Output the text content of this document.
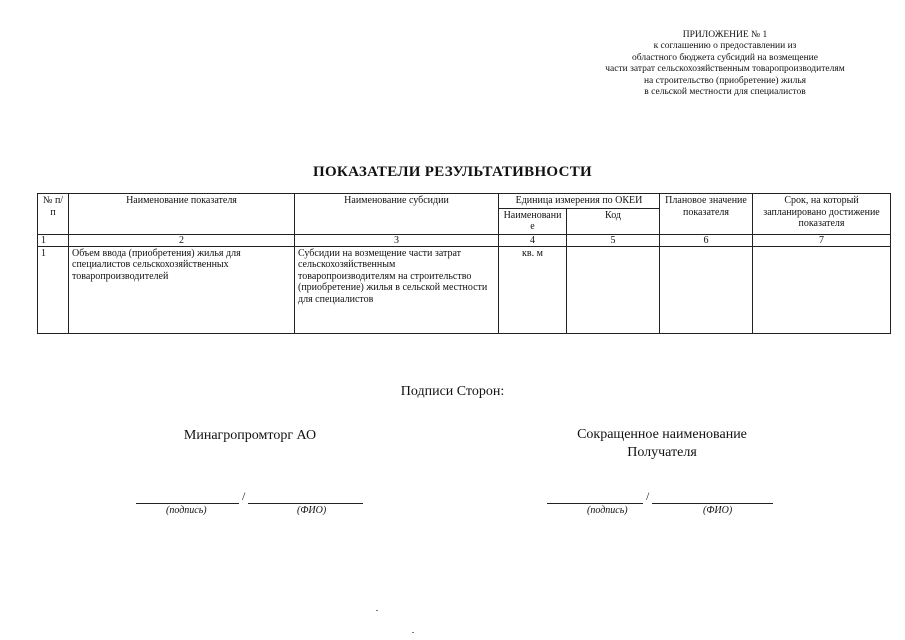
ПРИЛОЖЕНИЕ № 1
к соглашению о предоставлении из
областного бюджета субсидий на возмещение
части затрат сельскохозяйственным товаропроизводителям
на строительство (приобретение) жилья
в сельской местности для специалистов
ПОКАЗАТЕЛИ РЕЗУЛЬТАТИВНОСТИ
№ п/п	Наименование показателя	Наименование субсидии	Единица измерения по ОКЕИ		Плановое значение показателя	Срок, на который запланировано достижение показателя
			Наименование	Код		
1	2	3	4	5	6	7
1	Объем ввода (приобретения) жилья для специалистов сельскохозяйственных товаропроизводителей	Субсидии на возмещение части затрат сельскохозяйственным товаропроизводителям на строительство (приобретение) жилья в сельской местности для специалистов	кв. м			
Подписи Сторон:
Минагропромторг АО	Сокращенное наименование Получателя
/
(подпись)	(ФИО)
/
(подпись)	(ФИО)
